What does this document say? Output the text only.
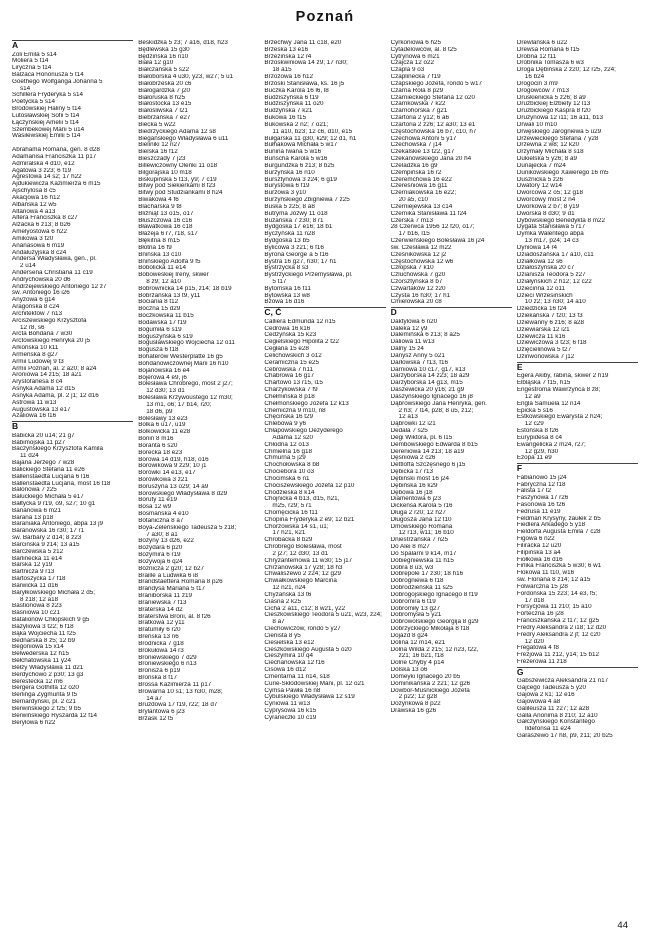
Poznań
A
Zoli Emila 5 s14
Moliera 5 t14
Liryczna 5 t14
Balzaca Honoriusza 5 t14
Goethego Wolfganga Johanna 5
s14
Schillera Fryderyka 5 s14
Poetycka 5 s14
Brodowskiej Haliny 5 t14
Lutosławskiej Sofii 5 t14
Łączyńskiej Amelii 5 t14
Szembekowej Marii 5 u14
Wasilewskiej Emilii 5 t14
Abrahama Romana, gen. 8 d28
Adamanisa Franciszka 11 p17
Admiralska 4 d10, e12
Agatowa 3 z23; 6 f19
Agrestowa 14 s2; 17 h22
Ajdukiewicza Kazimierza 6 m15
Ajschylosa 8 c5
Akacjowa 16 h12
Albańska 12 w5
Altanowa 4 a13
Altera Franciszka 8 c27
Alzacka 6 z13; 8 b26
Amelyostowa 6 h22
Amikowa 3 f20
Ananasowa 6 m19
Andaluzyjska 8 c24
Andersa Władysława, gen., pl.
2 u14
Andersena Christiana 11 c19
Andrychowska 20 d6
Andrzejewskiego Antoniego 12 z7
św. Antoniego 16 i26
Anyżowa 6 g14
Aragońska 8 c24
Architektów 7 n13
Arciszewskiego Krzysztofa
12 r8, s6
Arcta Bohdana 7 w30
Arctowskiego Henryka 20 j5
Arkońska 10 k11
Armeńska 8 g27
Armii Ludowej 9 t3
Armii Poznań, al. 2 a20; 8 a24
Aroniowa 14 z15; 18 a21
Arystofanesa 8 c4
Asnyka Adama 12 d15
Asnyka Adama, pl. 2 j1; 12 d16
Astrowa 11 w13
Augustowska 13 e17
Azaliowa 16 l16
B
Babicka 20 u14; 21 g7
Babimojska 11 p27
Baczyńskiego Krzysztofa Kamila
11 d24
Bajana Jerzego 7 w28
Balickiego Stefana 11 e26
Ballenstaedta Lucjana 6 l16
Ballenstaedta Lucjana, most 16 t18
Balonowa 7 z25
Baluckiego Michała 5 e17
Bałtycka 9 r19, o9, s27; 10 g1
Bananowa 6 m21
Barana 13 p18
Baraniaka Antoniego, abpa 13 j9
Baranowska 16 r30; 17 r1
św. Barbary 2 d14; 8 z23
Barcińska 9 z14; 13 a15
Barczewska 5 z12
Barlinecka 11 e14
Barska 12 y19
Bartnicza 9 r13
Bartoszycka 17 f18
Barwicka 11 d16
Baryłkowskiego Michała 2 d5;
8 z18; 12 a18
Bastionowa 8 z23
Baśniowa 10 c21
Batalionów Chłopskich 9 g5
Bazyliowa 3 t22; 6 f18
Bąka Wojciecha 11 f25
Bednarska 8 z5; 12 b9
Begoniowa 15 x14
Belwederska 12 h15
Bełchatowska 11 y24
Bełzy Władysława 11 d21
Berdychowo 2 p30; 13 g3
Beresteckа 12 m6
Bergera Gothilfa 12 o20
Berlinga Zygmunta 9 t5
Bernardyński, pl. 2 c21
Berwińskiego 2 f25; 9 b5
Berwińskiego Ryszarda 12 f14
Berylowa 6 h22
Beskidzka 5 z3; 7 a16, d18, h23
Będlewska 15 g30
Będzińska 16 n10
Biała 12 g10
Białczańska 5 s22
Białoborska 4 u30, y23, w27; 5 u1
Białobrzeska 20 c6
Białogardzka 7 j20
Białoruska 8 h25
Białostocka 13 e15
Białośliwska 7 l21
Biebrzańska 7 e27
Biecka 5 w22
Biedrzyckiego Adama 12 s8
Biegańskiego Władysława 6 u11
Bieliniki 12 n27
Bielska 16 f12
Bieszczady 7 j23
Billewiczówny Oleńki 11 o18
Bilgorajska 10 m18
Biskupińska 5 t13, y9; 7 c19
Bitwy pod Siekierkami 8 f23
Bitwy pod Studziankami 8 h24
Biwakowa 4 f6
Blacharska 9 t8
Bliźniąt 13 o15, o17
Błuszczowa 16 c16
Bławatkowa 16 c18
Błażeja 6 r7, r18, s17
Błękitna 8 m15
Błotna 16 f9
Bnińska 13 c10
Bniňskiego Adolfa 9 f5
Bobolicka 11 e14
Boboweskiej Ireny, skwer
8 z9; 12 a10
Bobrownicka 14 p15, z14; 18 b19
Bobrzańska 13 t9, y11
Bociania 8 t12
Boczna 15 d29
Boczkowska 11 b15
Bodawska 17 f19
Bogumiła 6 s19
Boguszyńska 6 s19
Bogusławskiego Wojciecha 12 o11
Bogusza 6 t18
Bohaterów Westerplatte 16 g5
Bohdanowiczównej Marii 16 h10
Bojanowska 16 e4
Bojerowa 4 e9, j6
Bolesława Chrobrego, most 2 j27;
12 d30; 13 d1
Bolesława Krzywoustego 12 m30;
13 m1, o6; 17 b14, r20;
18 d6, p9
Bolesławy 13 e23
Bolka 6 u17, u19
Bolkowicka 11 e28
Bonin 8 m16
Boranta 6 s20
Borecka 18 e23
Borowa 14 d19, h18, o16
Borowikowa 9 z29; 10 j1
Borówki 14 e13, e17
Borówkowa 3 z21
Boruszyna 13 o29; 14 a9
Borowskiego Władysława 8 d29
Boruty 11 e19
Bosa 12 w9
Bosmańska 4 e10
Botaniczna 8 a7
Boya-Żeleńskiego Tadeusza 5 z18;
7 a30; 8 a1
Bożyny 13 d26, e22
Bożydara 6 p20
Bożymira 6 r19
Bożywoja 6 q24
Bóżnicza 2 g20; 12 b27
Braille´a Ludwika 6 i8
Brandstaettera Romana 8 p26
Brandysa Mariana 5 t17
Braniborska 11 z19
Braniewska 7 f13
Braterska 14 d2
Braterstwa Broni, al. 8 f26
Bratkowa 12 y11
Bratumiły 6 r20
Breńska 13 n6
Brodnicka 7 g18
Brokułowa 14 r3
Broniewskiego 7 d29
Broniewskiego 6 n13
Bronisza 6 p19
Brońska 8 f17
Brossa Kazimierza 11 p17
Browarna 10 s1; 13 h30, m28;
14 a7
Bruzdowa 17 f19, r22; 18 d7
Brylantowa 6 j23
Brzask 12 t5
Brzechwy Jana 11 c18, e20
Brzeska 13 e16
Brzezińska 12 r4
Brzoskwiniowa 14 z9; 17 n30;
18 a15
Brzozowa 16 h12
Brzóski Stanisława, ks. 16 j5
Buczka Karola 16 l6, l8
Budziszyńska 6 t19
Budziszyńska 11 o20
Budzyńska 7 k21
Bukowa 16 f15
Bukowska 2 n2; 7 o21;
11 a10, b23; 12 c6, d10, e15
Bułgarska 11 g30, k29; 12 d1, h1
Bułhakowa Michała 5 w17
Bunina Iwana 5 w16
Buńscha Karola 5 w16
Burgundzka 6 z13; 8 b25
Burzyńska 16 n10
Bursztynowa 3 z24; 6 g19
Burystowa 6 f19
Burzowa 3 y10
Burzyńskiego Zbigniewa 7 z25
Buska 5 z25; 8 a8
Butryma Józwy 11 o18
Bużańska 7 z30; 8 r1
Bydgoska 17 e16; 18 b1
Byczyńska 11 n28
Bydgoska 13 b5
Bylicowa 3 z21; 6 f16
Byrona George´a 5 t16
Bystra 16 g27, h30; 17 h1
Bystrzycka 8 s3
Bystrzyckiego Przemysława, pl.
5 t17
Bytomska 16 f11
Bytowska 13 w8
Bzowa 16 d16
C, Ć
Calliera Edmunda 12 n15
Cedrowa 16 k16
Cedzyńska 15 k23
Cegielskiego Hipolita 2 t22
Cegłana 15 e28
Celichowskich 3 o12
Ceramiczna 15 e25
Cebrowska 7 h11
Chabrowa 16 g17
Chartowo 13 r15, i15
Charzykowska 7 f9
Chełmińska 8 p18
Chełmońskiego Józefa 12 k13
Chemiczna 9 m10, n8
Chęcińska 16 t29
Chlebowa 9 y6
Chłapowskiego Dezyderego
Adama 12 s20
Chłodna 12 o13
Chmielna 16 g18
Chmurna 5 j29
Chochołowska 8 b8
Chocieborа 10 o3
Chocimska 6 n1
Chociszewskiego Józefa 12 p10
Chodzieska 8 k14
Chojnicka 4 b13, d15, h21,
m25, r29; 5 r1
Chomęcicka 16 f11
Chopina Fryderyka 2 e9; 12 b21
Chorzowska 14 s1, u1;
17 h21, k21
Chrobacka 8 b29
Chrobrego Bolesława, most
2 j27; 12 d30; 13 d1
Chryzantemowa 11 w30; 15 j17
Chrzanowska 17 y28; 18 h3
Chwaliszewo 2 z24; 12 g29
Chwiałkowskiego Marcina
12 n21, n24
Chyżańska 13 t6
Ciasna 2 k25
Cicha 2 a11, c12; 8 w21, y22
Cieszkowskiego Teodora 5 u21, w23, z24;
8 a7
Ciechowiczów, rondo 5 y27
Cienista 8 y5
Ciesielska 13 e12
Cieszkowskiego Augusta 5 o20
Cieszymira 10 q4
Ciechanowska 12 f16
Cisowa 16 d12
Cmentarna 11 n14, s18
Curie-Skłodowskiej Mani, pl. 12 o21
Cymsa Pawła 16 n8
Cybulskiego Władysława 12 s19
Cyniowa 11 w13
Cyprysowa 16 k15
Cyraneczki 10 c19
Cyrkoniowa 6 h25
Cytadelowców, al. 8 t25
Cytrynowa 6 m21
Czajcza 12 o22
Czapla 9 o3
Czaplinecka 7 f19
Czapskiego Józefa, rondo 5 w17
Czarna Rola 8 p29
Czarnieckiego Stefana 12 o20
Czarnkowska 7 k22
Czarnohorska 7 g21
Czartoria 2 y12; 6 a6
Czartoria 2 z26; 12 a30; 13 e1
Częstochowska 16 b7, c10, h7
Czechowa Antoni 5 y17
Czechowska 7 j14
Czekalskie 13 t22, g17
Czekanowskiego Jana 20 h4
Czeladzka 16 g9
Czempińska 16 r2
Czeremchowa 16 e22
Czereśniowa 16 g11
Czerniakowska 16 e22;
20 a5, c10
Czerniejewska 13 c14
Czernika Stanisława 11 f24
Czerska 7 m13
28 Czerwca 1956 12 f20, o17;
17 b16, l15
Czerwieńskiego Bolesława 16 j24
św. Czesława 12 m22
Cześnikowska 12 j2
Częstochowska 12 w6
Człopska 7 k10
Czluchowska 7 g20
Czorsztyńska 8 b7
Czwartaków 12 z20
Czysta 16 h30; 17 h1
Ćmielowska 20 c8
D
Daktylowa 6 n20
Daleka 12 y9
Dalemińska 6 z13; 8 a25
Daliowa 11 w13
Dalny 15 z4
Danysz Anny 5 o21
Darłowska 7 f13, f16
Darniowa 10 c17, g17, k13
Darzyborska 14 z23; 18 a29
Darzyborska 14 g13, m15
Daszewicka 20 y16; 21 g9
Daszyńskiego Ignacego 16 j8
Dąbrowskiego Jana Henryka, gen.
2 h3; 7 l14, p28; 8 u5, z12;
12 a13
Dąbrówki 12 i21
Dedala 7 s25
Degi Wiktora, pl. 6 l15
Dembowskiego Edwarda 8 b15
Dereniowa 14 z13; 18 a19
Dęsniowa 2 c26
Dettloffa Szczęsnego 6 j15
Dębicka 17 r13
Dębiński most 16 j24
Dębińska 16 k29
Dębowa 16 j18
Diamentowa 6 j23
Dickensa Karola 5 r16
Długa 2 r20; 12 h27
Długosza Jana 12 t10
Dmowskiego Romana
12 r13, w11; 16 b10
Dniestrzańska 7 n25
Do Alei 8 m27
Do Spalarni 9 k14, m17
Dobiegniewska 11 h15
Dobra 8 u3, w3
Dobrepole 17 z30; 18 h16
Dobrogniewa 6 t18
Dobrodzieńska 11 s25
Dobrogojskiego Ignacego 8 f19
Dobromira 6 t19
Dobromiły 13 g27
Dobromysła 5 y21
Dobrowolskiego Georgija 8 g29
Dobrzyckiego Mikołaja 8 f18
Dojazd 8 g24
Dolina 12 m14, e21
Dolna Wilda 2 z15; 12 n23, t22,
z21; 16 b21, f18
Dolne Chyby 4 p14
Dolska 13 o6
Domeyki Ignacego 20 b5
Dominikańska 2 z21; 12 g26
Dowbor-Muśnickiego Józefa
2 p22; 12 g28
Dożynkowa 8 p22
Drawska 16 g26
Drewlańska 6 u22
Drewsa Romana 6 f15
Drobna 12 f11
Drobnika Tomasza 6 w3
Droga Dębińska 2 z20; 12 r25, z24;
16 b24
Drogocin 3 m9
Drogowców 7 m13
Druskienicka 5 z26; 8 a9
Drużbickiej Elżbiety 12 l13
Drużbickiego Kaspra 8 f20
Drużynowa 12 i11; 16 a11, b13
Drwali 10 m10
Drwęskiego Jarogniewa 5 u29
Drzewieckiego Stefana 7 y28
Drzewna 2 w8; 12 k20
Drzymały Michała 8 s18
Dukielska 5 y26; 8 a9
Dunajecka 7 m24
Dunikowskiego Xawerego 16 m5
Dusznicka 5 z26
Dwatory 12 w14
Dworcowa 2 o5; 12 g18
Dworcowy most 2 n4
Dworkowa 2 b7; 8 y19
Dworska 8 d30; 9 d1
Dybowskiego Benedykta 8 m22
Dygata Stanisława 5 r17
Dymka Walentego abpa
13 m17, p24; 14 c3
Dyniowa 14 r4
Dziadoszańska 17 a10, c11
Działkowa 12 s6
Działoszyńska 20 c7
Dzianisza Teodora 5 z27
Działyńskich 2 h12; 12 c22
Dziecinna 12 o11
Dzieci Wrzesińskich
10 z2; 13 n30; 14 a10
Dziedzicka 16 f24
Dziekańska 7 f20; 13 f3
Dziewanny 6 z16; 8 a28
Dziewiarska 12 i21
Dziewicza 11 k16
Dziewiczowa 3 t23; 6 f18
Dzięcielinowa 5 t27
Dżinwonowska 7 j12
E
Egera Akiby, rabina, skwer 2 h19
Elbląska 7 f15, h15
Engestroma Wawrzyńca 8 z8;
12 a9
Engla Samuela 12 n14
Epicka 5 s16
Estkowskiego Ewarysta 2 h24;
12 c29
Estońska 8 f26
Eurypidesa 8 c4
Ewangelicka 2 m24, r27;
12 g29, h30
Ezopa 11 e9
F
Fabianowo 15 j24
Fabryczna 12 f18
Falista 17 t2
Faszynowa 17 r26
Fasonowa 16 f26
Fedrusa 11 e19
Feldman Krysyny, zaułek 2 b5
Fiedlera Arkadego 5 y18
Fieldorfa Augusta Emila 7 c28
Figowa 6 n22
Filiracka 12 u20
Filipińska 13 a4
Fiołkowa 16 d16
Firlika Franciszka 5 w30; 6 w1
Flokowa 11 t10, w16
św. Floriana 8 z14; 12 a15
Folwarczna 15 j28
Fordońska 15 z23; 14 e3, f5;
17 d18
Forsycjowa 11 z10; 15 a10
Forteczna 16 j28
Franciszkańska 2 t17; 12 g25
Fredry Aleksandra 2 i18; 12 d20
Fredry Aleksandra 2 jf; 12 c20
12 d20
Fregatowa 4 f8
Frezjowa 11 z12, y14; 15 b12
Frezerowa 11 z18
G
Gabszewicza Aleksandra 21 n17
Gajcego Tadeusza 5 y20
Gajowa 2 k1; 12 e16
Gajowowa 4 a8
Galileusza 11 z27; 12 a28
Galla Anonima 8 z10; 12 a10
Gałczyńskiego Konstantego
Ildefonsa 11 e24
Garaszewo 17 h8, p9, z11; 20 b25
44
